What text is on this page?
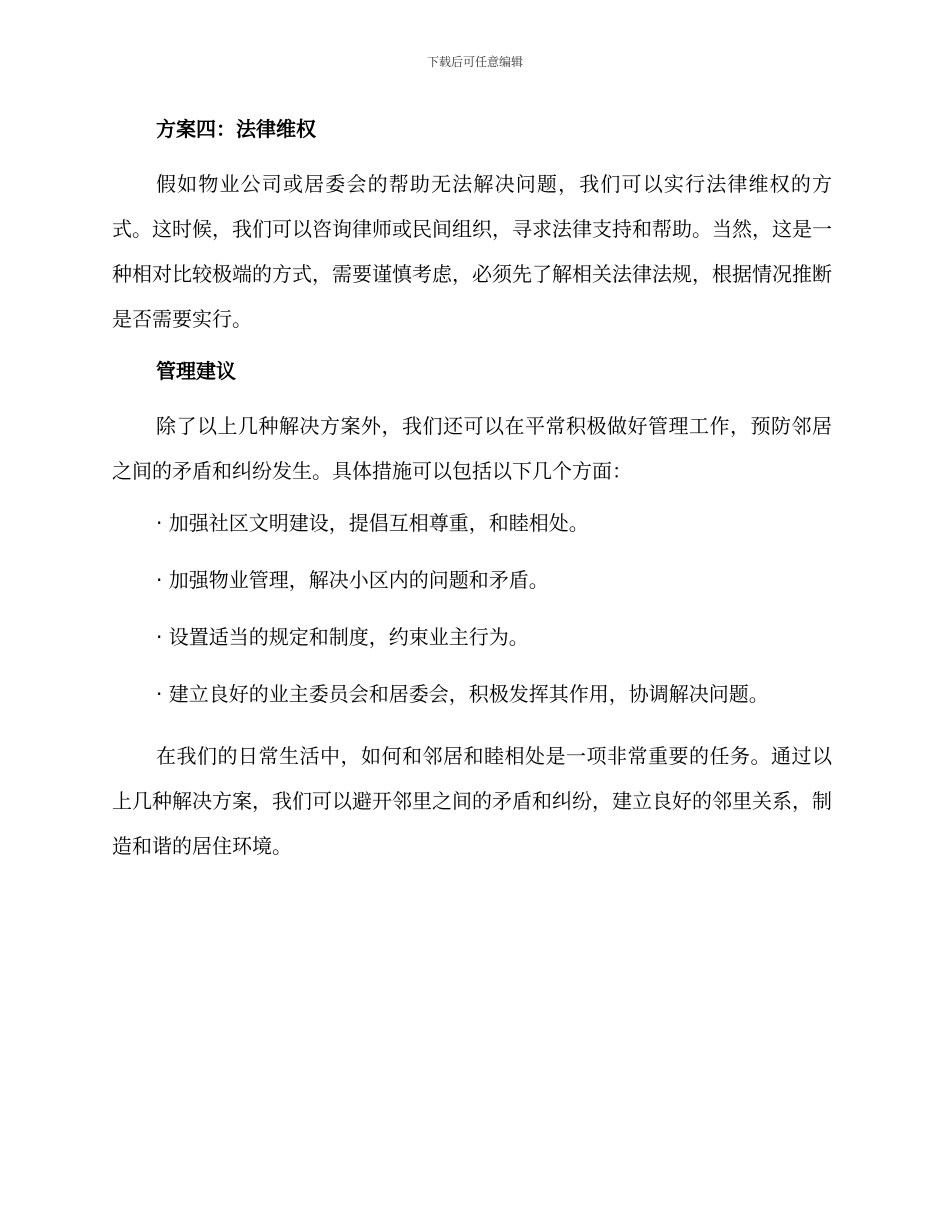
下载后可任意编辑
方案四：法律维权

假如物业公司或居委会的帮助无法解决问题，我们可以实行法律维权的方式。这时候，我们可以咨询律师或民间组织，寻求法律支持和帮助。当然，这是一种相对比较极端的方式，需要谨慎考虑，必须先了解相关法律法规，根据情况推断是否需要实行。

管理建议

除了以上几种解决方案外，我们还可以在平常积极做好管理工作，预防邻居之间的矛盾和纠纷发生。具体措施可以包括以下几个方面：

· 加强社区文明建设，提倡互相尊重，和睦相处。
· 加强物业管理，解决小区内的问题和矛盾。
· 设置适当的规定和制度，约束业主行为。
· 建立良好的业主委员会和居委会，积极发挥其作用，协调解决问题。

在我们的日常生活中，如何和邻居和睦相处是一项非常重要的任务。通过以上几种解决方案，我们可以避开邻里之间的矛盾和纠纷，建立良好的邻里关系，制造和谐的居住环境。
